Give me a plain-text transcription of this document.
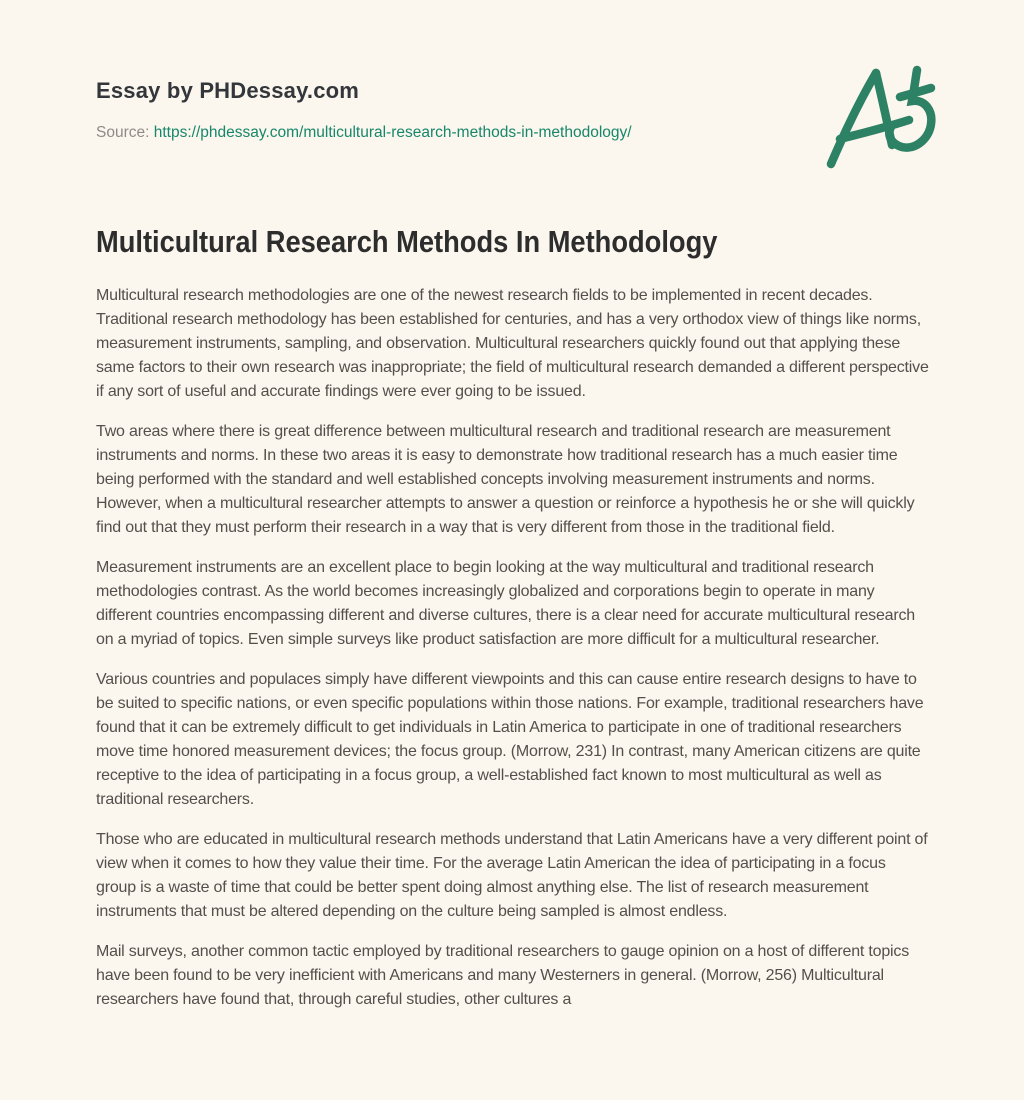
Essay by PHDessay.com
Source: https://phdessay.com/multicultural-research-methods-in-methodology/
Multicultural Research Methods In Methodology

Multicultural research methodologies are one of the newest research fields to be implemented in recent decades. Traditional research methodology has been established for centuries, and has a very orthodox view of things like norms, measurement instruments, sampling, and observation. Multicultural researchers quickly found out that applying these same factors to their own research was inappropriate; the field of multicultural research demanded a different perspective if any sort of useful and accurate findings were ever going to be issued.

Two areas where there is great difference between multicultural research and traditional research are measurement instruments and norms. In these two areas it is easy to demonstrate how traditional research has a much easier time being performed with the standard and well established concepts involving measurement instruments and norms. However, when a multicultural researcher attempts to answer a question or reinforce a hypothesis he or she will quickly find out that they must perform their research in a way that is very different from those in the traditional field.

Measurement instruments are an excellent place to begin looking at the way multicultural and traditional research methodologies contrast. As the world becomes increasingly globalized and corporations begin to operate in many different countries encompassing different and diverse cultures, there is a clear need for accurate multicultural research on a myriad of topics. Even simple surveys like product satisfaction are more difficult for a multicultural researcher.

Various countries and populaces simply have different viewpoints and this can cause entire research designs to have to be suited to specific nations, or even specific populations within those nations. For example, traditional researchers have found that it can be extremely difficult to get individuals in Latin America to participate in one of traditional researchers move time honored measurement devices; the focus group. (Morrow, 231) In contrast, many American citizens are quite receptive to the idea of participating in a focus group, a well-established fact known to most multicultural as well as traditional researchers.

Those who are educated in multicultural research methods understand that Latin Americans have a very different point of view when it comes to how they value their time. For the average Latin American the idea of participating in a focus group is a waste of time that could be better spent doing almost anything else. The list of research measurement instruments that must be altered depending on the culture being sampled is almost endless.

Mail surveys, another common tactic employed by traditional researchers to gauge opinion on a host of different topics have been found to be very inefficient with Americans and many Westerners in general. (Morrow, 256) Multicultural researchers have found that, through careful studies, other cultures a
